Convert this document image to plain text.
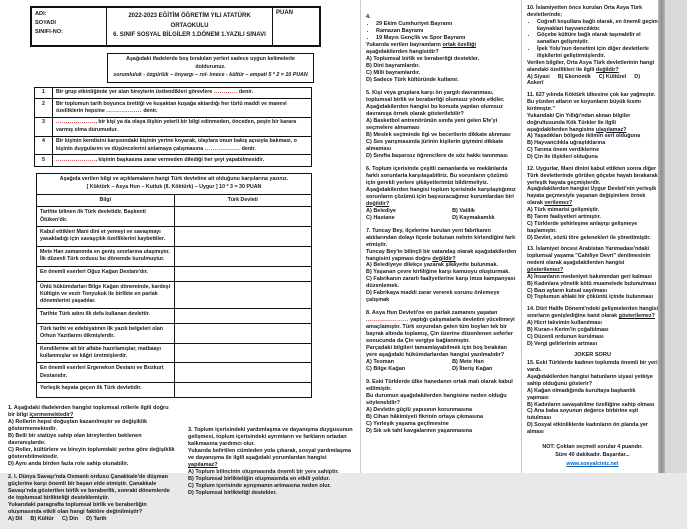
ADI:
SOYADI
SINIFI-NO:
2022-2023 EĞİTİM ÖĞRETİM YILI ATATÜRK ORTAOKULU
6. SINIF SOSYAL BİLGİLER 1.DÖNEM 1.YAZILI SINAVI
PUAN
Aşağıdaki ifadelerde boş bırakılan yerleri sadece uygun kelimelerle doldurunuz.
sorumluluk - özgürlük – önyargı – rol- imece - kültür – empati 5 * 2 = 10 PUAN
1	Bir grup etkinliğinde yer alan bireylerin üstlendikleri görevlere ............ denir.
2	Bir toplumun tarih boyunca ürettiği ve kuşaktan kuşağa aktardığı her türlü maddi ve manevi özelliklerin hepsine .................. denir.
3	...................., bir kişi ya da olaya ilişkin yeterli bir bilgi edinmeden, önceden, peşin bir karara varmış olma durumudur.
4	Bir kişinin kendisini karşısındaki kişinin yerine koyarak, olaylara onun bakış açısıyla bakması, o kişinin duygularını ve düşüncelerini anlamaya çalışmasına .................. denir.
5	...................., kişinin başkasına zarar vermeden dilediği her şeyi yapabilmesidir.
Aşağıda verilen bilgi ve açıklamaların hangi Türk devletine ait olduğunu karşılarına yazınız.
[ Köktürk – Asya Hun – Kutluk (II. Köktürk) – Uygur ] 10 * 3 = 30 PUAN	

Bilgi	Türk Devleti
Tarihte bilinen ilk Türk devletidir. Başkenti Ötüken'dir.	
Kabul ettikleri Mani dini et yemeyi ve savaşmayı yasakladığı için savaşçılık özelliklerini kaybettiler.	
Mete Han zamanında en geniş sınırlarına ulaşmıştır. İlk düzenli Türk ordusu bu dönemde kurulmuştur.	
En önemli eserleri Oğuz Kağan Destanı'dır.	
Ünlü hükümdarları Bilge Kağan döneminde, kardeşi Kültigin ve vezir Tonyukuk ile birlikte en parlak dönemlerini yaşadılar.	
Tarihte Türk adını ilk defa kullanan devlettir.	
Türk tarihi ve edebiyatının ilk yazılı belgeleri olan Orhun Yazıtlarını dikmişlerdir.	
Kendilerine ait bir alfabe hazırlamışlar, matbaayı kullanmışlar ve kâğıt üretmişlerdir.	
En önemli eserleri Ergenekon Destanı ve Bozkurt Destanıdır.	
Yerleşik hayata geçen ilk Türk devletidir.	
1. Aşağıdaki ifadelerden hangisi toplumsal rollerle ilgili doğru bir bilgi içermemektedir?
A) Rollerin hepsi doğuştan kazanılmıştır ve değişiklik göstermemektedir.
B) Belli bir statüye sahip olan bireylerden beklenen davranışlardır.
C) Roller, kültürlere ve bireyin toplumdaki yerine göre değişiklik gösterebilmektedir.
D) Aynı anda birden fazla role sahip olunabilir.
2. I. Dünya Savaşı'nda Osmanlı ordusu Çanakkale'de düşman güçlerine karşı önemli bir başarı elde etmiştir. Çanakkale Savaşı'nda gösterilen birlik ve beraberlik, sonraki dönemlerde de toplumsal birlikteliği desteklemiştir.
Yukarıdaki paragrafta toplumsal birlik ve beraberliğin oluşmasında etkili olan hangi faktöre değinilmiştir?
A) Dil B) Kültür C) Din D) Tarih
3. Toplum içerisindeki yardımlaşma ve dayanışma duygusunun gelişmesi, toplum içerisindeki ayrımların ve farkların ortadan kalkmasına yardımcı olur.
Yukarıda belirtilen cümleden yola çıkarak, sosyal yardımlaşma ve dayanışma ile ilgili aşağıdaki yorumlardan hangisi yapılamaz?
A) Toplum bilincinin oluşmasında önemli bir yere sahiptir.
B) Toplumsal birlikteliğin oluşmasında en etkili yoldur.
C) Toplum içerisinde ayrışmanın artmasına neden olur.
D) Toplumsal birlikteliği destekler.
4.
• 29 Ekim Cumhuriyet Bayramı
• Ramazan Bayramı
• 19 Mayıs Gençlik ve Spor Bayramı
Yukarıda verilen bayramların ortak özelliği aşağıdakilerden hangisidir?
A) Toplumsal birlik ve beraberliği destekler.
B) Dini bayramlardır.
C) Milli bayramlardır.
D) Sadece Türk kültüründe kutlanır.
5. Kişi veya gruplara karşı ön yargılı davranması, toplumsal birlik ve beraberliği olumsuz yönde etkiler.
Aşağıdakilerden hangisi bu konuda yapılan olumsuz davranışa örnek olarak gösterilebilir?
A) Basketbol antrenörünün sınıfa yeni gelen Efe'yi seçmelere almaması
B) Meslek seçiminde ilgi ve becerilerin dikkate alınması
C) Ses yarışmasında jürinin kişilerin giyimini dikkate almaması
D) Sınıfta başarısız öğrencilere de söz hakkı tanınması
6. Toplum içerisinde çeşitli zamanlarda ve mekânlarda farklı sorunlarla karşılaşabiliriz. Bu sorunların çözümü için gerekli yerlere şikâyetlerimizi bildirmeliyiz.
Aşağıdakilerden hangisi toplum içerisinde karşılaştığımız sorunların çözümü için başvuracağımız kurumlardan biri değildir?
A) Belediye	B) Valilik
C) Hastane	D) Kaymakamlık
7. Tuncay Bey, ilçelerine kurulan yeni fabrikanın atıklarından dolayı ilçede bulunan nehrin kirlendiğini fark etmiştir.
Tuncay Bey'in bilinçli bir vatandaş olarak aşağıdakilerden hangisini yapması doğru değildir?
A) Belediyeye dilekçe yazarak şikâyette bulunmak.
B) Yaşanan çevre kirliliğine karşı kamuoyu oluşturmak.
C) Fabrikanın zararlı faaliyetlerine karşı imza kampanyası düzenlemek.
D) Fabrikaya maddi zarar vererek sorunu önlemeye çalışmak
8. Asya Hun Devleti'ne en parlak zamanını yaşatan ..................... yaptığı çalışmalarla devletini yüceltmeyi amaçlamıştır. Türk soyundan gelen tüm boyları tek bir bayrak altında toplamış, Çin üzerine düzenlenen seferler sonucunda da Çin vergiye bağlanmıştır.
Parçadaki bilgileri tamamlayabilmek için boş bırakılan yere aşağıdaki hükümdarlardan hangisi yazılmalıdır?
A) Teoman	B) Mete Han
C) Bilge Kağan	D) İlteriş Kağan
9. Eski Türklerde ülke hanedanın ortak malı olarak kabul edilmiştir.
Bu durumun aşağıdakilerden hangisine neden olduğu söylenebilir?
A) Devletin güçlü yapısının korunmasına
B) Cihan hâkimiyeti fikrinin ortaya çıkmasına
C) Yerleşik yaşama geçilmesine
D) Sık sık taht kavgalarının yaşanmasına
10. İslamiyetten önce kurulan Orta Asya Türk devletlerinde;
• Coğrafi koşullara bağlı olarak, en önemli geçim kaynakları hayvancılıktır.
• Göçebe kültüre bağlı olarak taşınabilir el sanatları gelişmiştir.
• İpek Yolu'nun denetimi için diğer devletlerle ilişkilerini geliştirmişlerdir.
Verilen bilgiler, Orta Asya Türk devletlerinin hangi alandaki özellikleri ile ilgili değildir?
A) Siyasi B) Ekonomik C) Kültürel D) Askerî
11. 627 yılında Köktürk ülkesine çok kar yağmıştır. Bu yüzden atların ve koyunların büyük kısmı kırılmıştır."
Yukarıdaki Çin Yıllığı'ndan alınan bilgiler doğrultusunda Kök Türkler ile ilgili aşağıdakilerden hangisine ulaşılamaz?
A) Yaşadıkları bölgede iklimin sert olduğuna
B) Hayvancılıkla uğraştıklarına
C) Tarıma önem verdiklerine
D) Çin ile ilişkileri olduğuna
12. Uygurlar, Mani dinini kabul ettikten sonra diğer Türk devletlerinde görülen göçebe hayatı bırakarak yerleşik hayata geçmişlerdir.
Aşağıdakilerden hangisi Uygur Devleti'nin yerleşik hayata geçmesiyle yaşanan değişimlere örnek olarak verilemez?
A) Türk mimarisi gelişmiştir.
B) Tarım faaliyetleri artmıştır.
C) Türklerde şehirleşme anlayışı gelişmeye başlamıştır.
D) Devlet, sözlü töre gelenekleri ile yönetilmiştir.
13. İslamiyet öncesi Arabistan Yarımadası'ndaki toplumsal yaşama "Cahiliye Devri" denilmesinin nedeni olarak aşağıdakilerden hangisi gösterilemez?
A) İnsanların medeniyet bakımından geri kalması
B) Kadınlara yönelik kötü muamelede bulunulması
C) Bazı ayların kutsal sayılması
D) Toplumun ahlaki bir çöküntü içinde bulunması
14. Dört Halife Dönemi'ndeki gelişmelerden hangisi sınırların genişlediğine kanıt olarak gösterilemez?
A) Hicri takvimin kullanılması
B) Kuran-ı Kerim'in çoğaltılması
C) Düzenli ordunun kurulması
D) Vergi gelirlerinin artması
JOKER SORU
15. Eski Türklerde kadının toplumda önemli bir yeri vardı.
Aşağıdakilerden hangisi hatunların siyasi yetkiye sahip olduğunu gösterir?
A) Kağan olmadığında kurultaya başkanlık yapması
B) Kadınların savaşabilme özelliğine sahip olması
C) Ana baba soyunun değerce birbirine eşit tutulması
D) Sosyal etkinliklerde kadınların ön planda yer alması
NOT: Çoktan seçmeli sorular 4 puandır.
Süre 40 dakikadır. Başarılar...
www.sosyalciniz.net
